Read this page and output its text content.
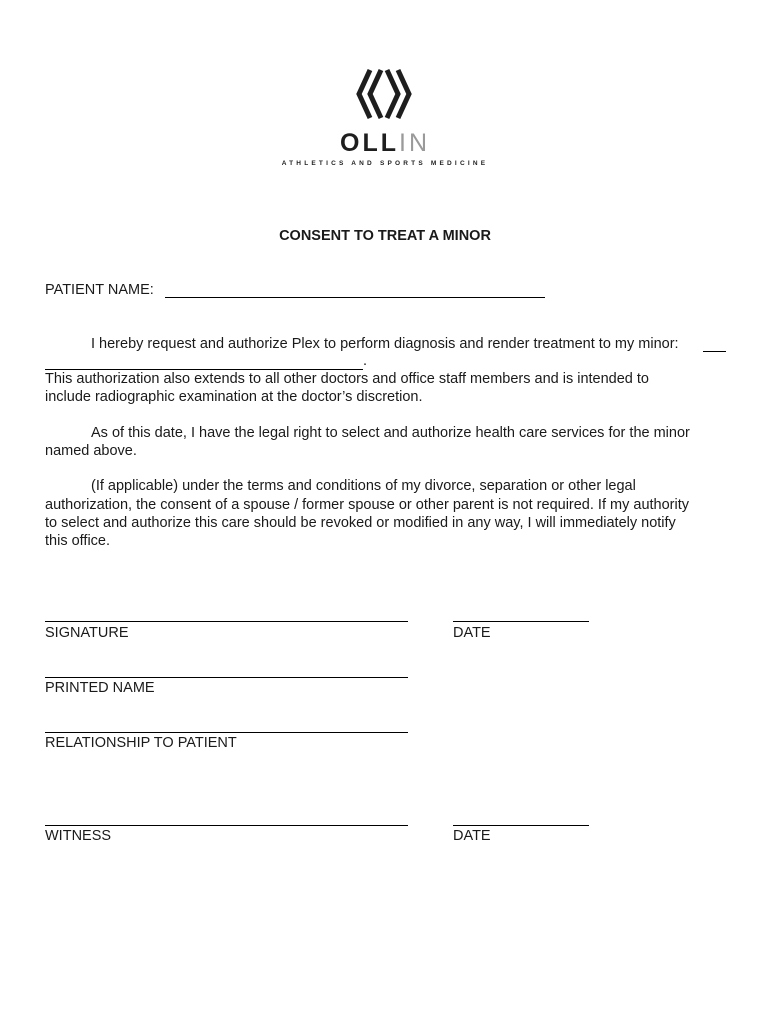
OLLIN
ATHLETICS AND SPORTS MEDICINE
CONSENT TO TREAT A MINOR
PATIENT NAME:
I hereby request and authorize Plex to perform diagnosis and render treatment to my minor:
.
This authorization also extends to all other doctors and office staff members and is intended to
include radiographic examination at the doctor’s discretion.
As of this date, I have the legal right to select and authorize health care services for the minor
named above.
(If applicable) under the terms and conditions of my divorce, separation or other legal
authorization, the consent of a spouse / former spouse or other parent is not required. If my authority
to select and authorize this care should be revoked or modified in any way, I will immediately notify
this office.
SIGNATURE	DATE
PRINTED NAME
RELATIONSHIP TO PATIENT
WITNESS	DATE
